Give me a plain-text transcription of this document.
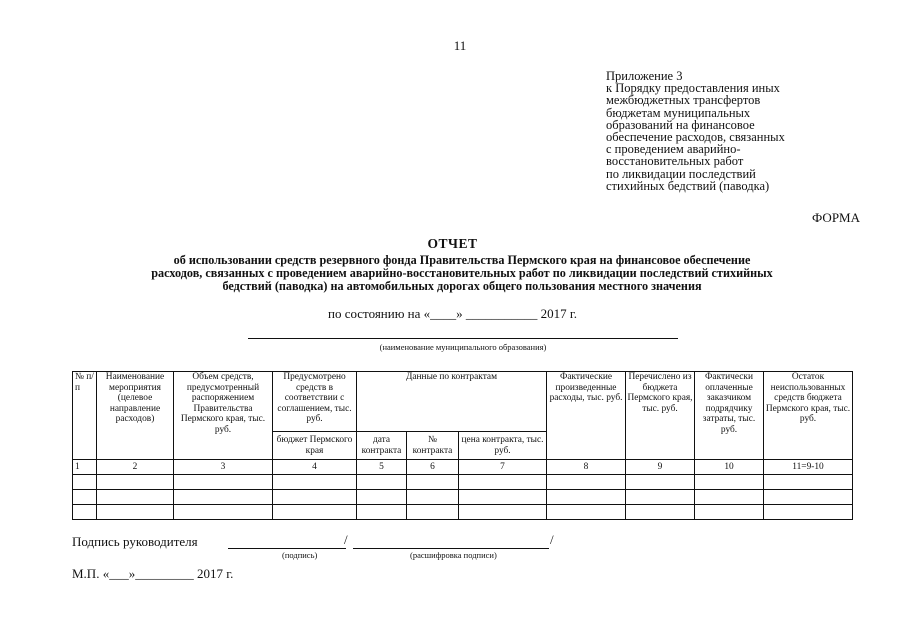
11
Приложение 3
к Порядку предоставления иных
межбюджетных трансфертов
бюджетам муниципальных
образований на финансовое
обеспечение расходов, связанных
с проведением аварийно-
восстановительных работ
по ликвидации последствий
стихийных бедствий (паводка)
ФОРМА
ОТЧЕТ
об использовании средств резервного фонда Правительства Пермского края на финансовое обеспечение
расходов, связанных с проведением аварийно-восстановительных работ по ликвидации последствий стихийных
бедствий (паводка) на автомобильных дорогах общего пользования местного значения
по состоянию на «____» ___________ 2017 г.
(наименование муниципального образования)
№ п/п	Наименование мероприятия (целевое направление расходов)	Объем средств, предусмотренный распоряжением Правительства Пермского края, тыс. руб.	Предусмотрено средств в соответствии с соглашением, тыс. руб.	Данные по контрактам			Фактические произведенные расходы, тыс. руб.	Перечислено из бюджета Пермского края, тыс. руб.	Фактически оплаченные заказчиком подрядчику затраты, тыс. руб.	Остаток неиспользованных средств бюджета Пермского края, тыс. руб.
			бюджет Пермского края	дата контракта	№ контракта	цена контракта, тыс. руб.				
1	2	3	4	5	6	7	8	9	10	11=9-10

Подпись руководителя	/	/
(подпись)	(расшифровка подписи)
М.П. «___»_________ 2017 г.
